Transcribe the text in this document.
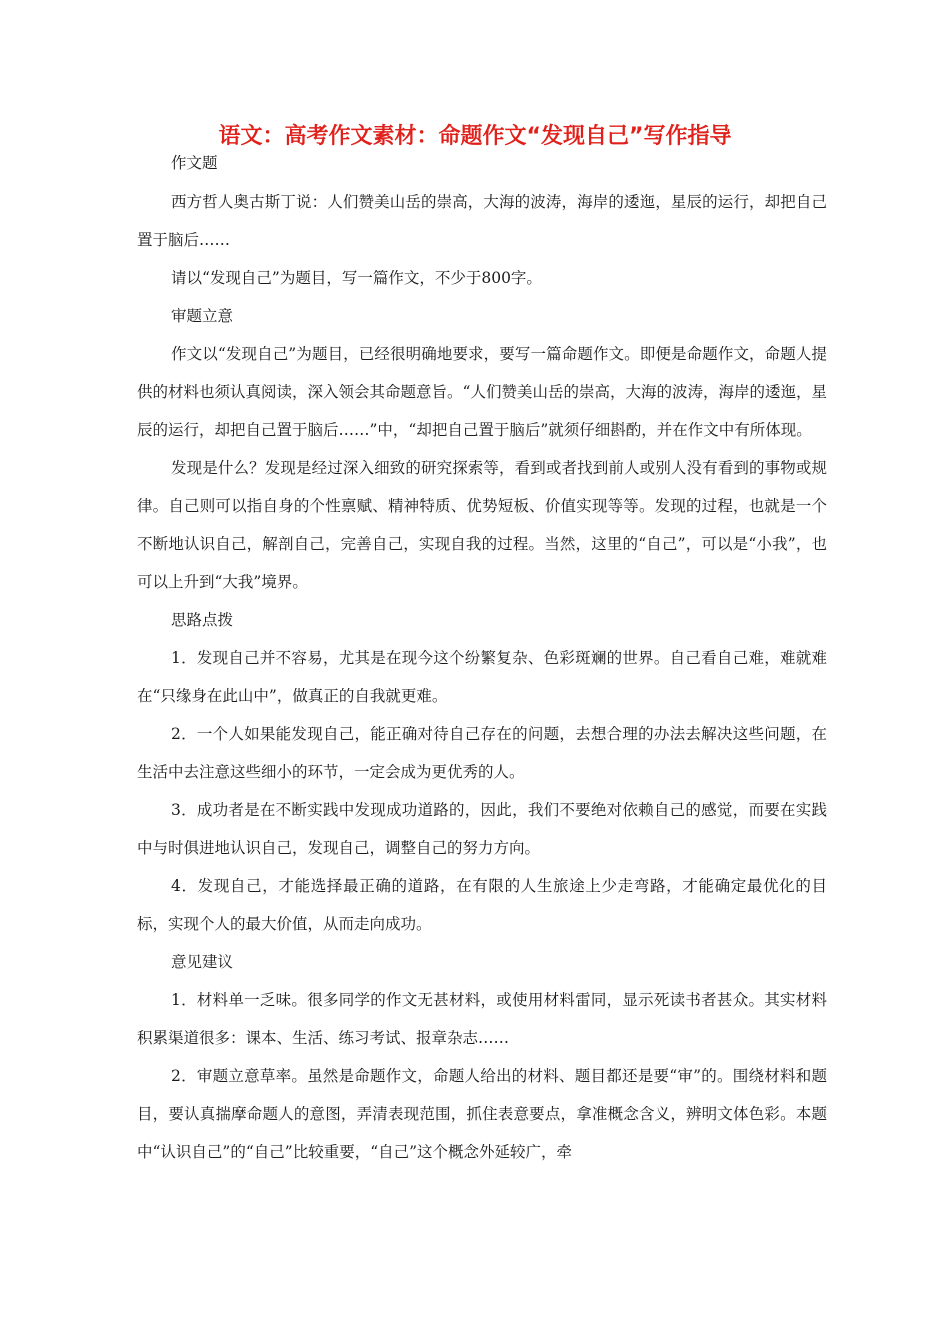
语文：高考作文素材：命题作文“发现自己”写作指导
作文题

西方哲人奥古斯丁说：人们赞美山岳的崇高，大海的波涛，海岸的逶迤，星辰的运行，却把自己置于脑后……

请以“发现自己”为题目，写一篇作文，不少于800字。

审题立意

作文以“发现自己”为题目，已经很明确地要求，要写一篇命题作文。即便是命题作文，命题人提供的材料也须认真阅读，深入领会其命题意旨。“人们赞美山岳的崇高，大海的波涛，海岸的逶迤，星辰的运行，却把自己置于脑后……”中，“却把自己置于脑后”就须仔细斟酌，并在作文中有所体现。

发现是什么？发现是经过深入细致的研究探索等，看到或者找到前人或别人没有看到的事物或规律。自己则可以指自身的个性禀赋、精神特质、优势短板、价值实现等等。发现的过程，也就是一个不断地认识自己，解剖自己，完善自己，实现自我的过程。当然，这里的“自己”，可以是“小我”，也可以上升到“大我”境界。

思路点拨

1．发现自己并不容易，尤其是在现今这个纷繁复杂、色彩斑斓的世界。自己看自己难，难就难在“只缘身在此山中”，做真正的自我就更难。

2．一个人如果能发现自己，能正确对待自己存在的问题，去想合理的办法去解决这些问题，在生活中去注意这些细小的环节，一定会成为更优秀的人。

3．成功者是在不断实践中发现成功道路的，因此，我们不要绝对依赖自己的感觉，而要在实践中与时俱进地认识自己，发现自己，调整自己的努力方向。

4．发现自己，才能选择最正确的道路，在有限的人生旅途上少走弯路，才能确定最优化的目标，实现个人的最大价值，从而走向成功。

意见建议

1．材料单一乏味。很多同学的作文无甚材料，或使用材料雷同，显示死读书者甚众。其实材料积累渠道很多：课本、生活、练习考试、报章杂志……

2．审题立意草率。虽然是命题作文，命题人给出的材料、题目都还是要“审”的。围绕材料和题目，要认真揣摩命题人的意图，弄清表现范围，抓住表意要点，拿准概念含义，辨明文体色彩。本题中“认识自己”的“自己”比较重要，“自己”这个概念外延较广，牵
